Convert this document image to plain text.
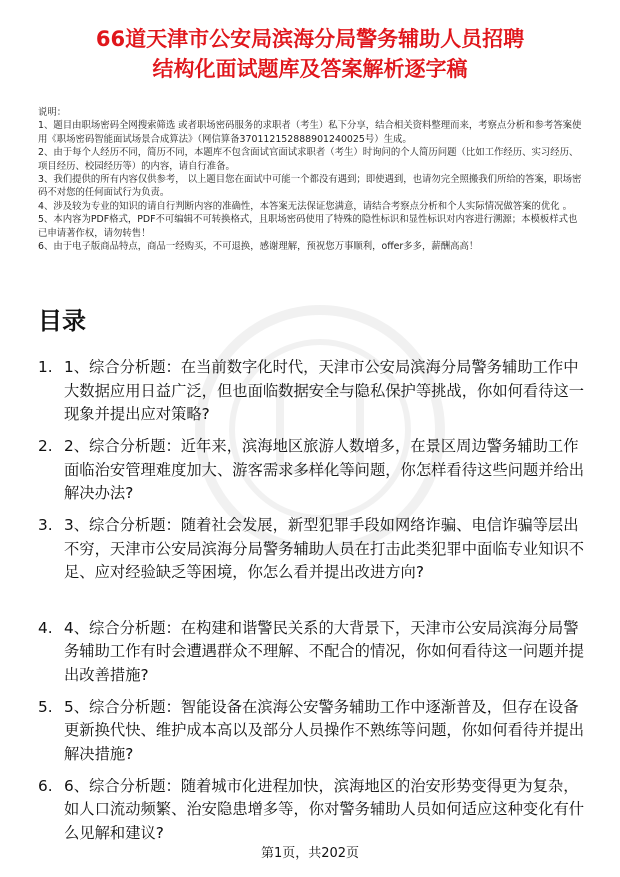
66道天津市公安局滨海分局警务辅助人员招聘
结构化面试题库及答案解析逐字稿

说明：

1、题目由职场密码全网搜索筛选 或者职场密码服务的求职者（考生）私下分享，结合相关资料整理而来，考察点分析和参考答案使用《职场密码智能面试场景合成算法》（网信算备370112152888901240025号）生成。

2、由于每个人经历不同，简历不同，本题库不包含面试官面试求职者（考生）时询问的个人简历问题（比如工作经历、实习经历、项目经历、校园经历等）的内容，请自行准备。

3、我们提供的所有内容仅供参考， 以上题目您在面试中可能一个都没有遇到；即使遇到，也请勿完全照搬我们所给的答案，职场密码不对您的任何面试行为负责。

4、涉及较为专业的知识的请自行判断内容的准确性，本答案无法保证您满意，请结合考察点分析和个人实际情况做答案的优化 。

5、本内容为PDF格式，PDF不可编辑不可转换格式，且职场密码使用了特殊的隐性标识和显性标识对内容进行溯源；本模板样式也已申请著作权，请勿转售！

6、由于电子版商品特点，商品一经购买，不可退换，感谢理解，预祝您万事顺利，offer多多，薪酬高高！

目录
1. 1、综合分析题：在当前数字化时代，天津市公安局滨海分局警务辅助工作中大数据应用日益广泛，但也面临数据安全与隐私保护等挑战，你如何看待这一现象并提出应对策略?
2. 2、综合分析题：近年来，滨海地区旅游人数增多，在景区周边警务辅助工作面临治安管理难度加大、游客需求多样化等问题，你怎样看待这些问题并给出解决办法?
3. 3、综合分析题：随着社会发展，新型犯罪手段如网络诈骗、电信诈骗等层出不穷，天津市公安局滨海分局警务辅助人员在打击此类犯罪中面临专业知识不足、应对经验缺乏等困境，你怎么看并提出改进方向?
4. 4、综合分析题：在构建和谐警民关系的大背景下，天津市公安局滨海分局警务辅助工作有时会遭遇群众不理解、不配合的情况，你如何看待这一问题并提出改善措施?
5. 5、综合分析题：智能设备在滨海公安警务辅助工作中逐渐普及，但存在设备更新换代快、维护成本高以及部分人员操作不熟练等问题，你如何看待并提出解决措施?
6. 6、综合分析题：随着城市化进程加快，滨海地区的治安形势变得更为复杂，如人口流动频繁、治安隐患增多等，你对警务辅助人员如何适应这种变化有什么见解和建议?
第1页，共202页
